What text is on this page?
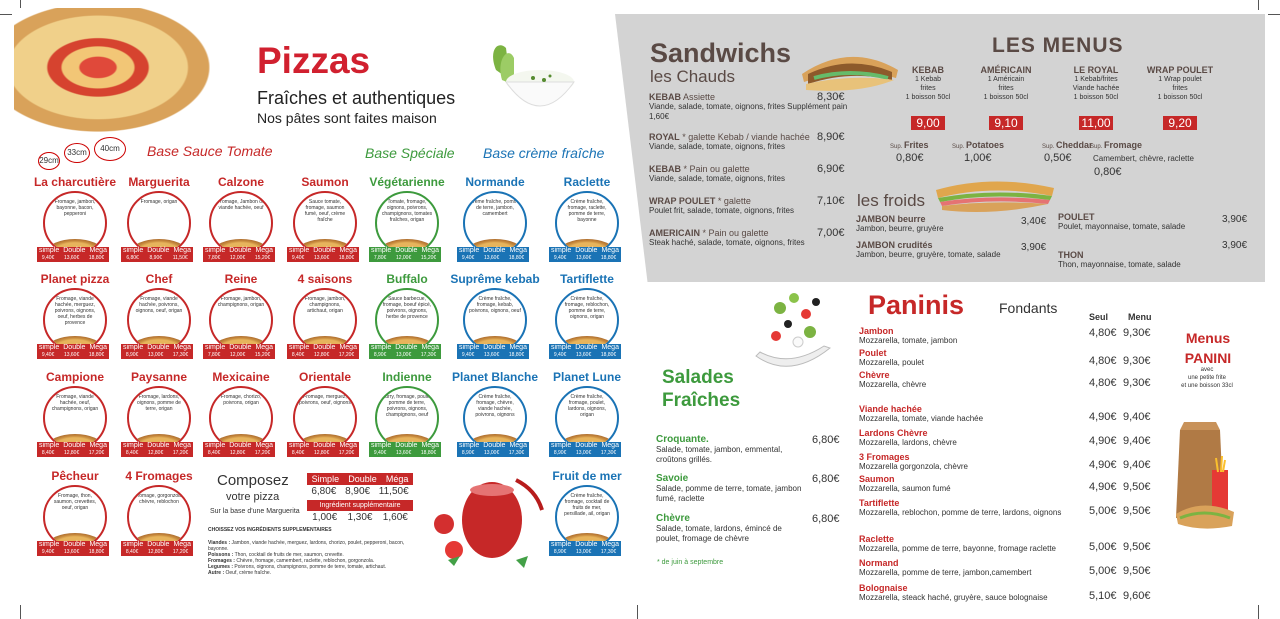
Pizzas
Fraîches et authentiques
Nos pâtes sont faites maison
29cm
33cm	40cm	Base Sauce Tomate	Base Spéciale Base crème fraîche
La charcutière
Fromage, jambon, bayonne, bacon, pepperoni
simple Double Mega
9,40€ 13,60€ 18,80€
Marguerita
Fromage, origan
simple Double Mega
6,80€ 8,90€ 11,50€
Calzone
Fromage, Jambon ou viande hachée, oeuf
simple Double Mega
7,80€ 12,00€ 15,20€
Saumon
Sauce tomate, fromage, saumon fumé, oeuf, crème fraîche
simple Double Mega
9,40€ 13,60€ 18,80€
Végétarienne
Tomate, fromage, oignons, poivrons, champignons, tomates fraîches, origan
simple Double Mega
7,80€ 12,00€ 15,20€
Normande
Crème fraîche, pomme de terre, jambon, camembert
simple Double Mega
9,40€ 13,60€ 18,80€
Raclette
Crème fraîche, fromage, raclette, pomme de terre, bayonne
simple Double Mega
9,40€ 13,60€ 18,80€
Planet pizza
Fromage, viande hachée, merguez, poivrons, oignons, oeuf, herbes de provence
simple Double Mega
9,40€ 13,60€ 18,80€
Chef
Fromage, viande hachée, poivrons, oignons, oeuf, origan
simple Double Mega
8,90€ 13,00€ 17,30€
Reine
Fromage, jambon, champignons, origan
simple Double Mega
7,80€ 12,00€ 15,20€
4 saisons
Fromage, jambon, champignons, artichaut, origan
simple Double Mega
8,40€ 12,80€ 17,20€
Buffalo
Sauce barbecue, fromage, boeuf épicé, poivrons, oignons, herbe de provence
simple Double Mega
8,90€ 13,00€ 17,30€
Suprême kebab
Crème fraîche, fromage, kebab, poivrons, oignons, oeuf
simple Double Mega
9,40€ 13,60€ 18,80€
Tartiflette
Crème fraîche, fromage, reblochon, pomme de terre, oignons, origan
simple Double Mega
9,40€ 13,60€ 18,80€
Campione
Fromage, viande hachée, oeuf, champignons, origan
simple Double Mega
8,40€ 12,80€ 17,20€
Paysanne
Fromage, lardons, oignons, pomme de terre, origan
simple Double Mega
8,40€ 12,80€ 17,20€
Mexicaine
Fromage, chorizo, poivrons, origan
simple Double Mega
8,40€ 12,80€ 17,20€
Orientale
Fromage, merguez, poivrons, oeuf, oignons
simple Double Mega
8,40€ 12,80€ 17,20€
Indienne
Curry, fromage, poulet, pomme de terre, poivrons, oignons, champignons, oeuf
simple Double Mega
9,40€ 13,60€ 18,80€
Planet Blanche
Crème fraîche, fromage, chèvre, viande hachée, poivrons, oignons
simple Double Mega
8,90€ 13,00€ 17,30€
Planet Lune
Crème fraîche, fromage, poulet, lardons, oignons, origan
simple Double Mega
8,90€ 13,00€ 17,30€
Pêcheur
Fromage, thon, saumon, crevettes, oeuf, origan
simple Double Mega
9,40€ 13,60€ 18,80€
4 Fromages
Fromage, gorgonzola, chèvre, reblochon
simple Double Mega
8,40€ 12,80€ 17,20€
Fruit de mer
Crème fraîche, fromage, cocktail de fruits de mer, persillade, ail, origan
simple Double Mega
8,90€ 13,00€ 17,30€
Composez
votre pizza
Sur la base d'une Marguerita
Simple Double Méga
6,80€ 8,90€ 11,50€
Ingrédient supplémentaire
1,00€ 1,30€ 1,60€
CHOISSEZ VOS INGRÉDIENTS SUPPLEMENTAIRES
Viandes : Jambon, viande hachée, merguez, lardons, chorizo, poulet, pepperoni, bacon, bayonne.
Poissons : Thon, cocktail de fruits de mer, saumon, crevette.
Fromages : Chèvre, fromage, camembert, raclette, reblochon, gorgonzola.
Legumes : Poivrons, oignons, champignons, pomme de terre, tomate, artichaut.
Autre : Oeuf, crème fraîche.
Sandwichs
les Chauds
KEBAB Assiette
Viande, salade, tomate, oignons, frites Supplément pain 1,60€
8,30€
ROYAL * galette Kebab / viande hachée
Viande, salade, tomate, oignons, frites
8,90€
KEBAB * Pain ou galette
Viande, salade, tomate, oignons, frites
6,90€
WRAP POULET * galette
Poulet frit, salade, tomate, oignons, frites
7,10€
AMERICAIN * Pain ou galette
Steak haché, salade, tomate, oignons, frites
7,00€
LES MENUS
KEBAB
1 Kebab
frites
1 boisson 50cl
9,00
AMÉRICAIN
1 Américain
frites
1 boisson 50cl
9,10
LE ROYAL
1 Kebab/frites
Viande hachée
1 boisson 50cl
11,00
WRAP POULET
1 Wrap poulet
frites
1 boisson 50cl
9,20
Sup. Frites
0,80€
Sup. Potatoes
1,00€
Sup. Cheddar
0,50€
Sup. Fromage
Camembert, chèvre, raclette
0,80€
les froids
JAMBON beurre
Jambon, beurre, gruyère
3,40€
JAMBON crudités
Jambon, beurre, gruyère, tomate, salade
3,90€
POULET
Poulet, mayonnaise, tomate, salade
3,90€
THON
Thon, mayonnaise, tomate, salade
3,90€
Salades
Fraîches
Croquante.
Salade, tomate, jambon, emmental, croûtons grillés.
6,80€
Savoie
Salade, pomme de terre, tomate, jambon fumé, raclette
6,80€
Chèvre
Salade, tomate, lardons, émincé de poulet, fromage de chèvre
6,80€
* de juin à septembre
Paninis Fondants
Seul Menu
Jambon
Mozzarella, tomate, jambon
4,80€ 9,30€
Poulet
Mozzarella, poulet	4,80€ 9,30€
Chèvre
Mozzarella, chèvre	4,80€ 9,30€
Viande hachée
Mozzarella, tomate, viande hachée	4,90€ 9,40€
Lardons Chèvre
Mozzarella, lardons, chèvre	4,90€ 9,40€
3 Fromages
Mozzarella gorgonzola, chèvre	4,90€ 9,40€
Saumon
Mozzarella, saumon fumé	4,90€ 9,50€
Tartiflette
Mozzarella, reblochon, pomme de terre, lardons, oignons	5,00€ 9,50€
Raclette
Mozzarella, pomme de terre, bayonne, fromage raclette	5,00€ 9,50€
Normand
Mozzarella, pomme de terre, jambon,camembert	5,00€ 9,50€
Bolognaise
Mozzarella, steack haché, gruyère, sauce bolognaise	5,10€ 9,60€
Menus
PANINI
avec
une petite frite
et une boisson 33cl
